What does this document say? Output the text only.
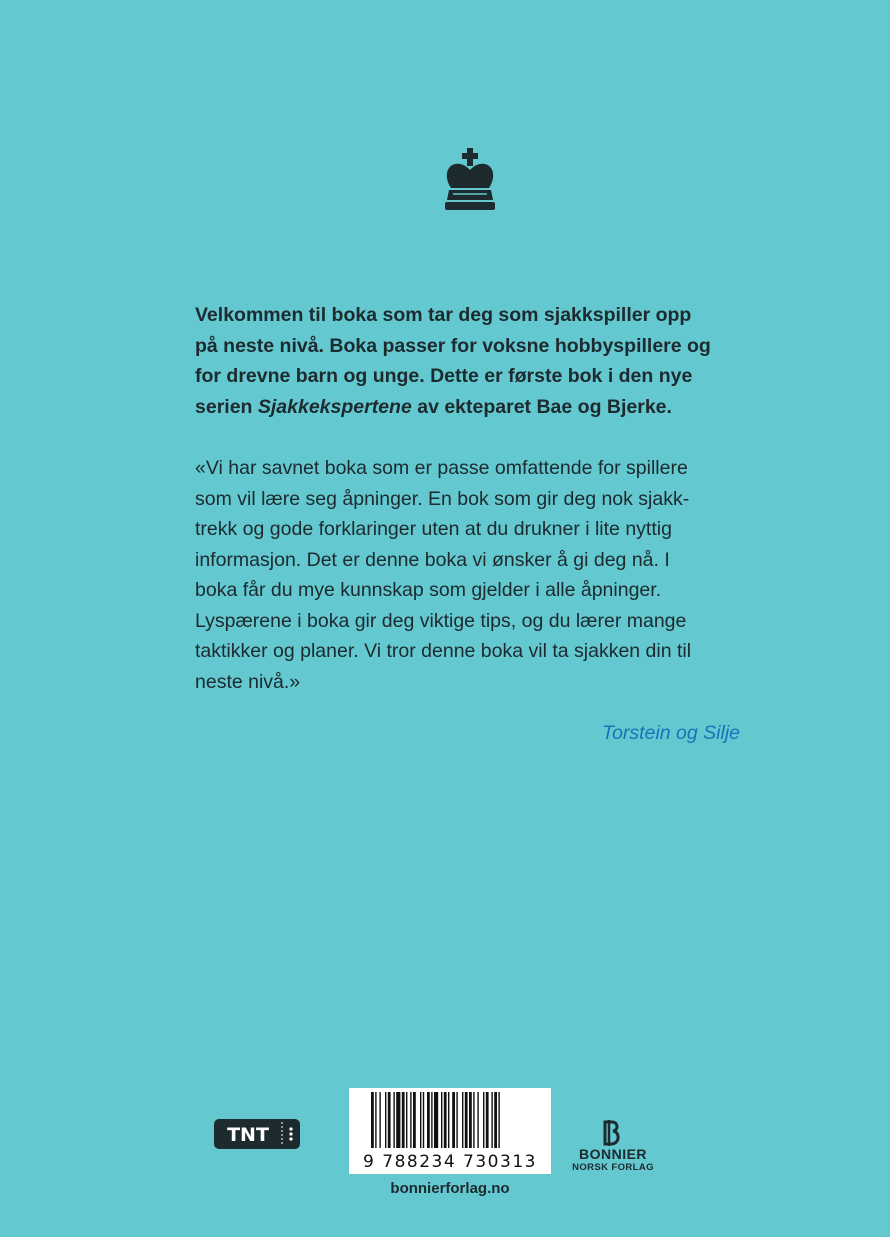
Velkommen til boka som tar deg som sjakkspiller opp
på neste nivå. Boka passer for voksne hobbyspillere og
for drevne barn og unge. Dette er første bok i den nye
serien Sjakkekspertene av ekteparet Bae og Bjerke.

«Vi har savnet boka som er passe omfattende for spillere
som vil lære seg åpninger. En bok som gir deg nok sjakk-
trekk og gode forklaringer uten at du drukner i lite nyttig
informasjon. Det er denne boka vi ønsker å gi deg nå. I
boka får du mye kunnskap som gjelder i alle åpninger.
Lyspærene i boka gir deg viktige tips, og du lærer mange
taktikker og planer. Vi tror denne boka vil ta sjakken din til
neste nivå.»

Torstein og Silje
TNT
9 788234 730313
bonnierforlag.no
BONNIER
NORSK FORLAG
